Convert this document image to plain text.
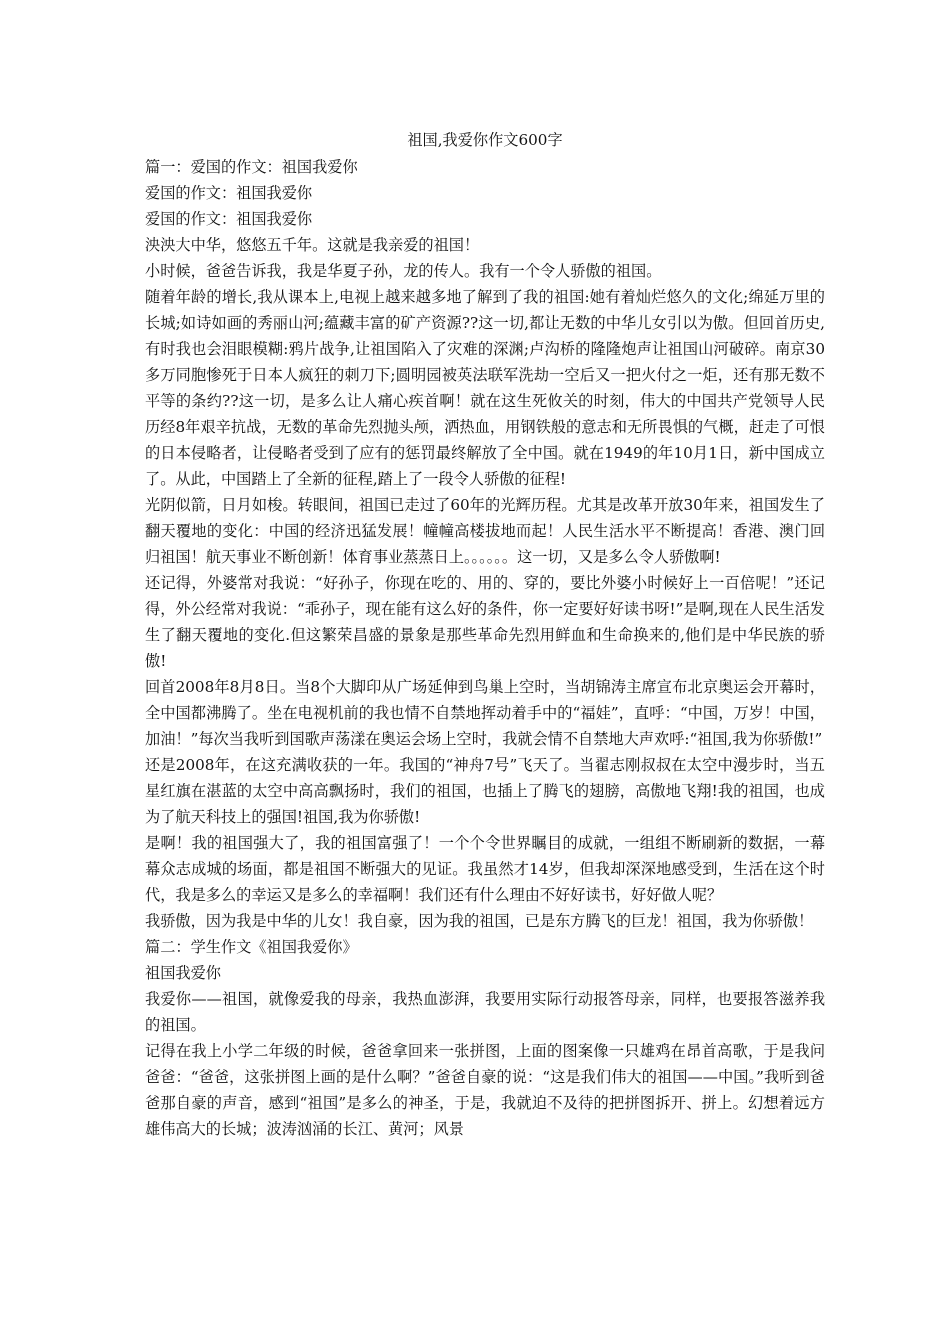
祖国,我爱你作文600字

篇一：爱国的作文：祖国我爱你

爱国的作文：祖国我爱你

爱国的作文：祖国我爱你

泱泱大中华，悠悠五千年。这就是我亲爱的祖国！

小时候，爸爸告诉我，我是华夏子孙，龙的传人。我有一个令人骄傲的祖国。

随着年龄的增长,我从课本上,电视上越来越多地了解到了我的祖国:她有着灿烂悠久的文化;绵延万里的长城;如诗如画的秀丽山河;蕴藏丰富的矿产资源??这一切,都让无数的中华儿女引以为傲。但回首历史,有时我也会泪眼模糊:鸦片战争,让祖国陷入了灾难的深渊;卢沟桥的隆隆炮声让祖国山河破碎。南京30多万同胞惨死于日本人疯狂的刺刀下;圆明园被英法联军洗劫一空后又一把火付之一炬，还有那无数不平等的条约??这一切，是多么让人痛心疾首啊！就在这生死攸关的时刻，伟大的中国共产党领导人民历经8年艰辛抗战，无数的革命先烈抛头颅，洒热血，用钢铁般的意志和无所畏惧的气概，赶走了可恨的日本侵略者，让侵略者受到了应有的惩罚最终解放了全中国。就在1949的年10月1日，新中国成立了。从此，中国踏上了全新的征程,踏上了一段令人骄傲的征程!

光阴似箭，日月如梭。转眼间，祖国已走过了60年的光辉历程。尤其是改革开放30年来，祖国发生了翻天覆地的变化：中国的经济迅猛发展！幢幢高楼拔地而起！人民生活水平不断提高！香港、澳门回归祖国！航天事业不断创新！体育事业蒸蒸日上。。。。。。这一切，又是多么令人骄傲啊!

还记得，外婆常对我说：“好孙子，你现在吃的、用的、穿的，要比外婆小时候好上一百倍呢！”还记得，外公经常对我说：“乖孙子，现在能有这么好的条件，你一定要好好读书呀!”是啊,现在人民生活发生了翻天覆地的变化.但这繁荣昌盛的景象是那些革命先烈用鲜血和生命换来的,他们是中华民族的骄傲!

回首2008年8月8日。当8个大脚印从广场延伸到鸟巢上空时，当胡锦涛主席宣布北京奥运会开幕时，全中国都沸腾了。坐在电视机前的我也情不自禁地挥动着手中的“福娃”，直呼：“中国，万岁！中国，加油！”每次当我听到国歌声荡漾在奥运会场上空时，我就会情不自禁地大声欢呼:“祖国,我为你骄傲!”

还是2008年，在这充满收获的一年。我国的“神舟7号”飞天了。当翟志刚叔叔在太空中漫步时，当五星红旗在湛蓝的太空中高高飘扬时，我们的祖国，也插上了腾飞的翅膀，高傲地飞翔!我的祖国，也成为了航天科技上的强国!祖国,我为你骄傲!

是啊！我的祖国强大了，我的祖国富强了！一个个令世界瞩目的成就，一组组不断刷新的数据，一幕幕众志成城的场面，都是祖国不断强大的见证。我虽然才14岁，但我却深深地感受到，生活在这个时代，我是多么的幸运又是多么的幸福啊！我们还有什么理由不好好读书，好好做人呢？

我骄傲，因为我是中华的儿女！我自豪，因为我的祖国，已是东方腾飞的巨龙！祖国，我为你骄傲！

篇二：学生作文《祖国我爱你》

祖国我爱你

我爱你——祖国，就像爱我的母亲，我热血澎湃，我要用实际行动报答母亲，同样，也要报答滋养我的祖国。

记得在我上小学二年级的时候，爸爸拿回来一张拼图，上面的图案像一只雄鸡在昂首高歌，于是我问爸爸：“爸爸，这张拼图上画的是什么啊？”爸爸自豪的说：“这是我们伟大的祖国——中国。”我听到爸爸那自豪的声音，感到“祖国”是多么的神圣，于是，我就迫不及待的把拼图拆开、拼上。幻想着远方雄伟高大的长城；波涛汹涌的长江、黄河；风景
